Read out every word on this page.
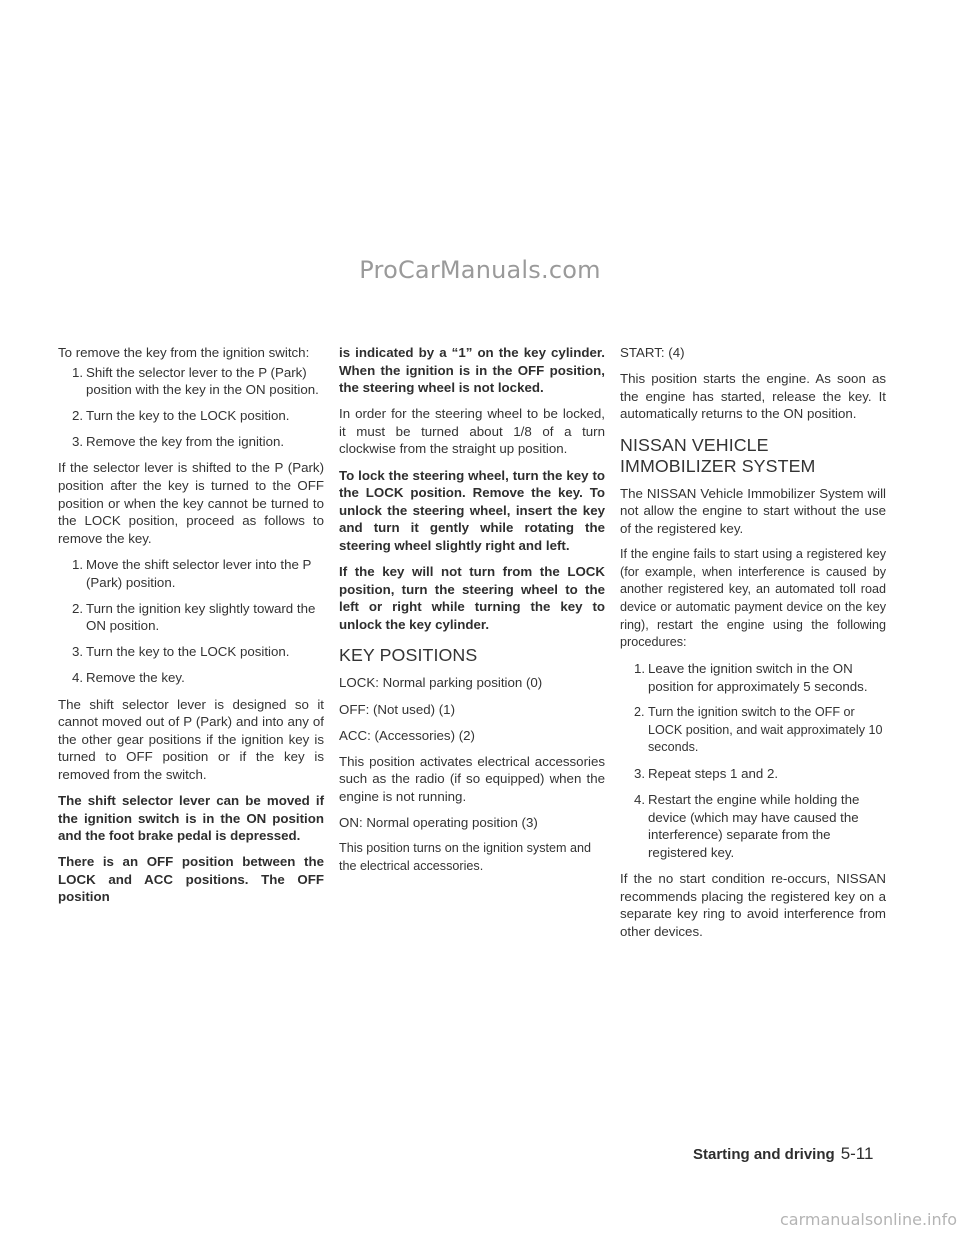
ProCarManuals.com

To remove the key from the ignition switch:

1. Shift the selector lever to the P (Park) position with the key in the ON position.
2. Turn the key to the LOCK position.
3. Remove the key from the ignition.

If the selector lever is shifted to the P (Park) position after the key is turned to the OFF position or when the key cannot be turned to the LOCK position, proceed as follows to remove the key.

1. Move the shift selector lever into the P (Park) position.
2. Turn the ignition key slightly toward the ON position.
3. Turn the key to the LOCK position.
4. Remove the key.

The shift selector lever is designed so it cannot moved out of P (Park) and into any of the other gear positions if the ignition key is turned to OFF position or if the key is removed from the switch.

The shift selector lever can be moved if the ignition switch is in the ON position and the foot brake pedal is depressed.

There is an OFF position between the LOCK and ACC positions. The OFF position

is indicated by a “1” on the key cylinder. When the ignition is in the OFF position, the steering wheel is not locked.

In order for the steering wheel to be locked, it must be turned about 1/8 of a turn clockwise from the straight up position.

To lock the steering wheel, turn the key to the LOCK position. Remove the key. To unlock the steering wheel, insert the key and turn it gently while rotating the steering wheel slightly right and left.

If the key will not turn from the LOCK position, turn the steering wheel to the left or right while turning the key to unlock the key cylinder.

KEY POSITIONS

LOCK: Normal parking position (0)

OFF: (Not used) (1)

ACC: (Accessories) (2)

This position activates electrical accessories such as the radio (if so equipped) when the engine is not running.

ON: Normal operating position (3)

This position turns on the ignition system and the electrical accessories.

START: (4)

This position starts the engine. As soon as the engine has started, release the key. It automatically returns to the ON position.

NISSAN VEHICLE IMMOBILIZER SYSTEM

The NISSAN Vehicle Immobilizer System will not allow the engine to start without the use of the registered key.

If the engine fails to start using a registered key (for example, when interference is caused by another registered key, an automated toll road device or automatic payment device on the key ring), restart the engine using the following procedures:

1. Leave the ignition switch in the ON position for approximately 5 seconds.
2. Turn the ignition switch to the OFF or LOCK position, and wait approximately 10 seconds.
3. Repeat steps 1 and 2.
4. Restart the engine while holding the device (which may have caused the interference) separate from the registered key.

If the no start condition re-occurs, NISSAN recommends placing the registered key on a separate key ring to avoid interference from other devices.

Starting and driving 5-11
carmanualsonline.info
